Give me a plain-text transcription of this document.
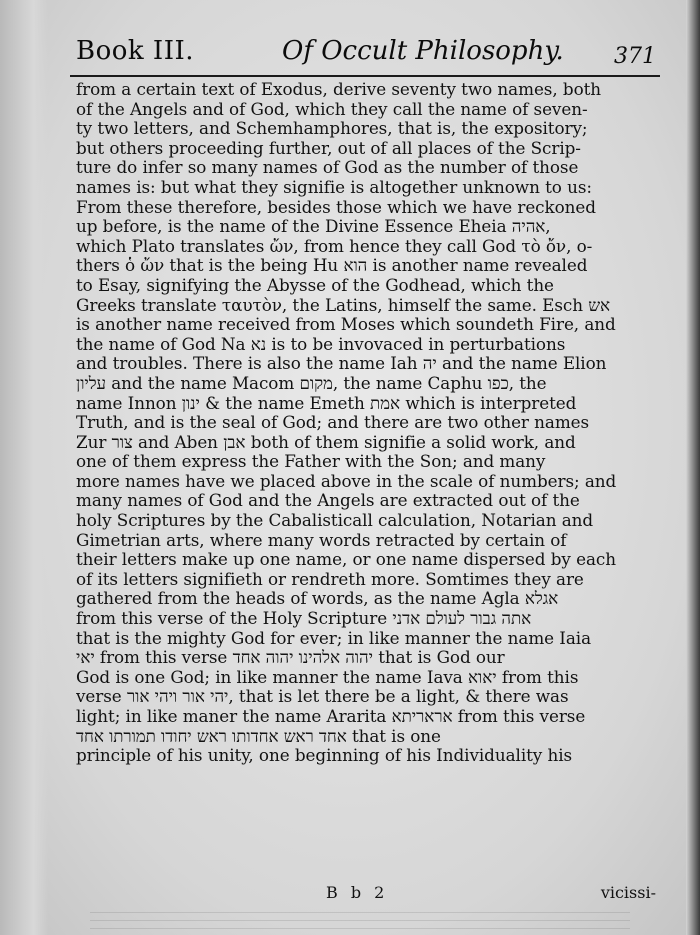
Book III.	Of Occult Philosophy. 371
from a certain text of Exodus, derive seventy two names, both
of the Angels and of God, which they call the name of seven-
ty two letters, and Schemhamphores, that is, the expository;
but others proceeding further, out of all places of the Scrip-
ture do infer so many names of God as the number of those
names is: but what they signifie is altogether unknown to us:
From these therefore, besides those which we have reckoned
up before, is the name of the Divine Essence Eheia אהיה,
which Plato translates ὤν, from hence they call God τὸ ὄν, o-
thers ὁ ὤν that is the being Hu הוא is another name revealed
to Esay, signifying the Abysse of the Godhead, which the
Greeks translate ταυτὸν, the Latins, himself the same. Esch אש
is another name received from Moses which soundeth Fire, and
the name of God Na נא is to be invovaced in perturbations
and troubles. There is also the name Iah יה and the name Elion
עליון and the name Macom מקום, the name Caphu כפו, the
name Innon ינון & the name Emeth אמת which is interpreted
Truth, and is the seal of God; and there are two other names
Zur צור and Aben אבן both of them signifie a solid work, and
one of them express the Father with the Son; and many
more names have we placed above in the scale of numbers; and
many names of God and the Angels are extracted out of the
holy Scriptures by the Cabalisticall calculation, Notarian and
Gimetrian arts, where many words retracted by certain of
their letters make up one name, or one name dispersed by each
of its letters signifieth or rendreth more. Somtimes they are
gathered from the heads of words, as the name Agla אגלא
from this verse of the Holy Scripture אתה גבור לעולם אדני
that is the mighty God for ever; in like manner the name Iaia
יאי from this verse יהוה אלהינו יהוה אחד that is God our
God is one God; in like manner the name Iava יאוא from this
verse יהי אור ויהי אור, that is let there be a light, & there was
light; in like maner the name Ararita אראריתא from this verse
אחד ראש אחדותו ראש יחודו תמורתו אחד that is one
principle of his unity, one beginning of his Individuality his
B b 2	vicissi-
